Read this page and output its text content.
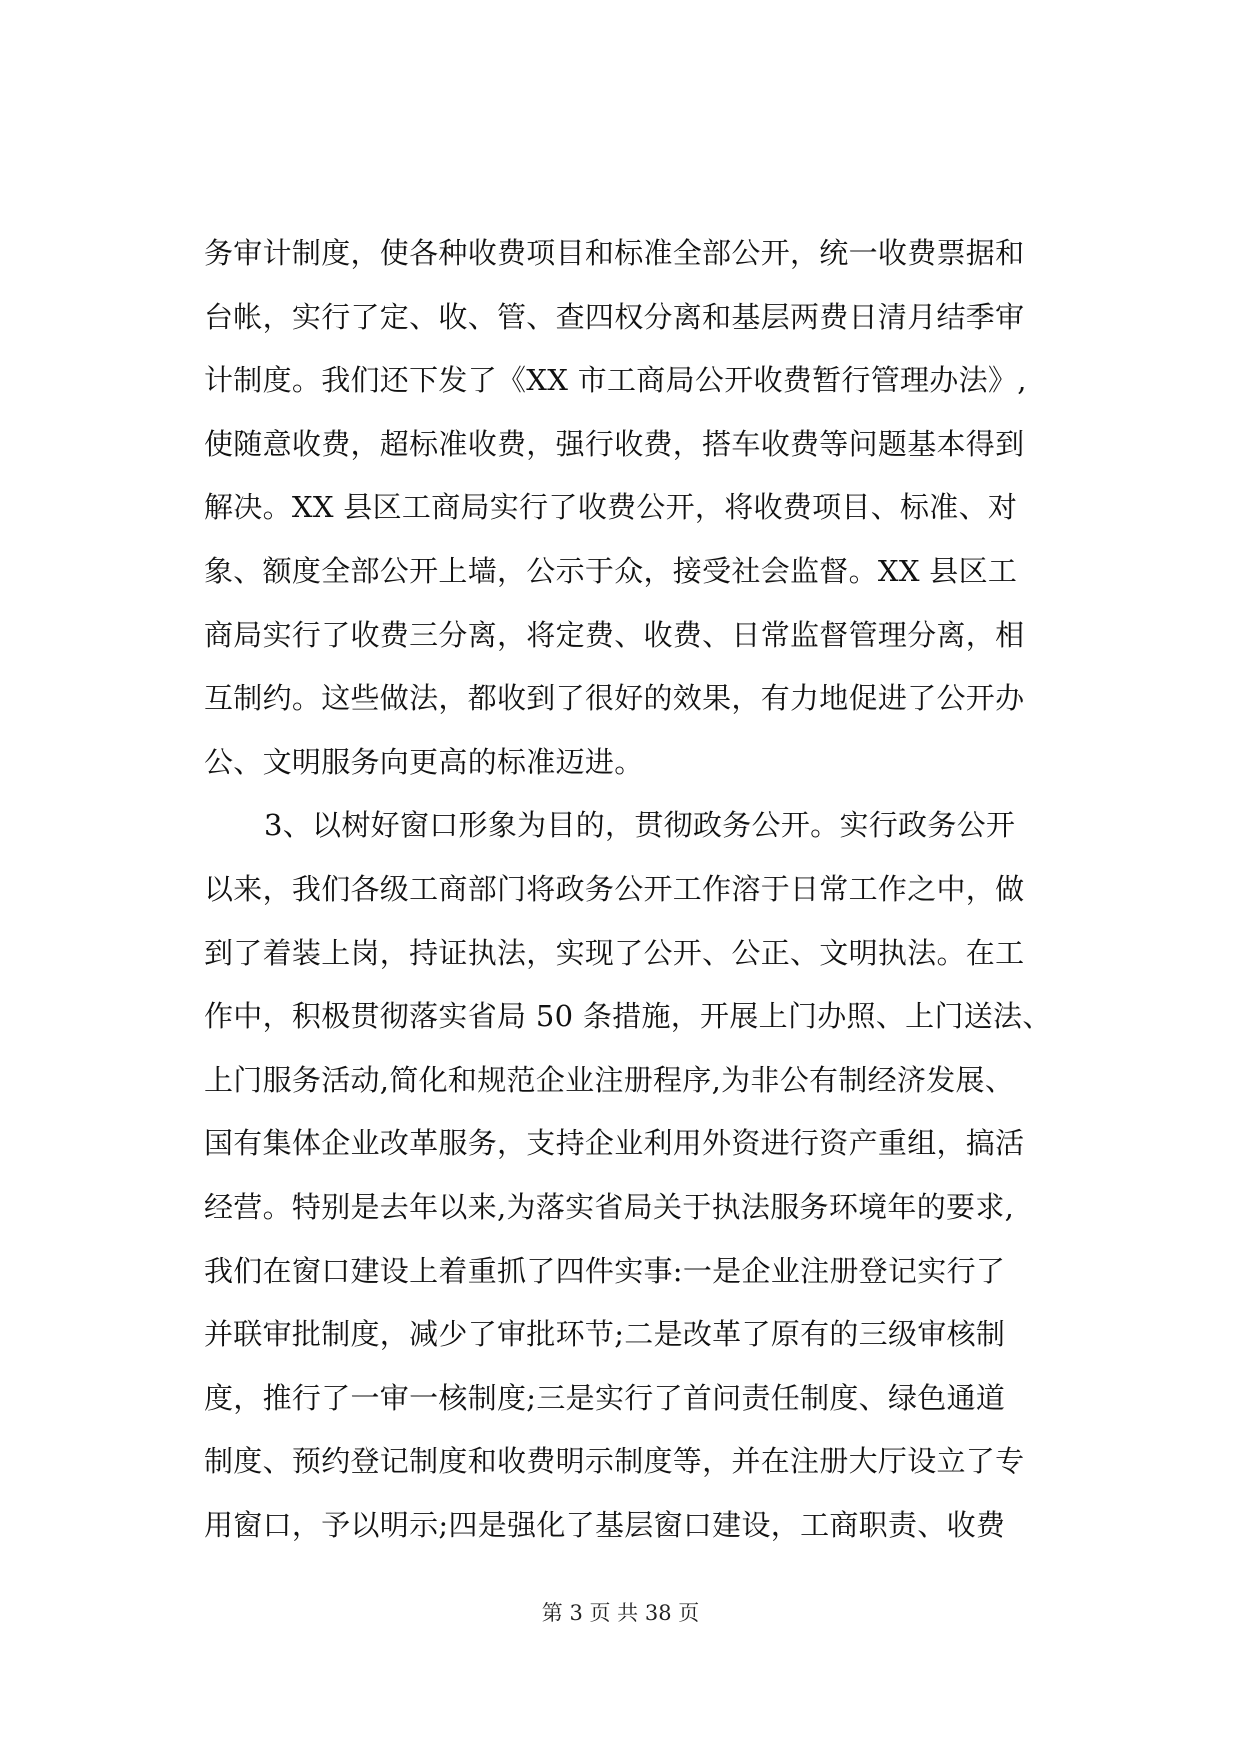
务审计制度，使各种收费项目和标准全部公开，统一收费票据和
台帐，实行了定、收、管、查四权分离和基层两费日清月结季审
计制度。我们还下发了《XX 市工商局公开收费暂行管理办法》,
使随意收费，超标准收费，强行收费，搭车收费等问题基本得到
解决。XX 县区工商局实行了收费公开，将收费项目、标准、对
象、额度全部公开上墙，公示于众，接受社会监督。XX 县区工
商局实行了收费三分离，将定费、收费、日常监督管理分离，相
互制约。这些做法，都收到了很好的效果，有力地促进了公开办
公、文明服务向更高的标准迈进。
3、以树好窗口形象为目的，贯彻政务公开。实行政务公开
以来，我们各级工商部门将政务公开工作溶于日常工作之中，做
到了着装上岗，持证执法，实现了公开、公正、文明执法。在工
作中，积极贯彻落实省局 50 条措施，开展上门办照、上门送法、
上门服务活动,简化和规范企业注册程序,为非公有制经济发展、
国有集体企业改革服务，支持企业利用外资进行资产重组，搞活
经营。特别是去年以来,为落实省局关于执法服务环境年的要求,
我们在窗口建设上着重抓了四件实事:一是企业注册登记实行了
并联审批制度，减少了审批环节;二是改革了原有的三级审核制
度，推行了一审一核制度;三是实行了首问责任制度、绿色通道
制度、预约登记制度和收费明示制度等，并在注册大厅设立了专
用窗口，予以明示;四是强化了基层窗口建设，工商职责、收费
第 3 页 共 38 页
